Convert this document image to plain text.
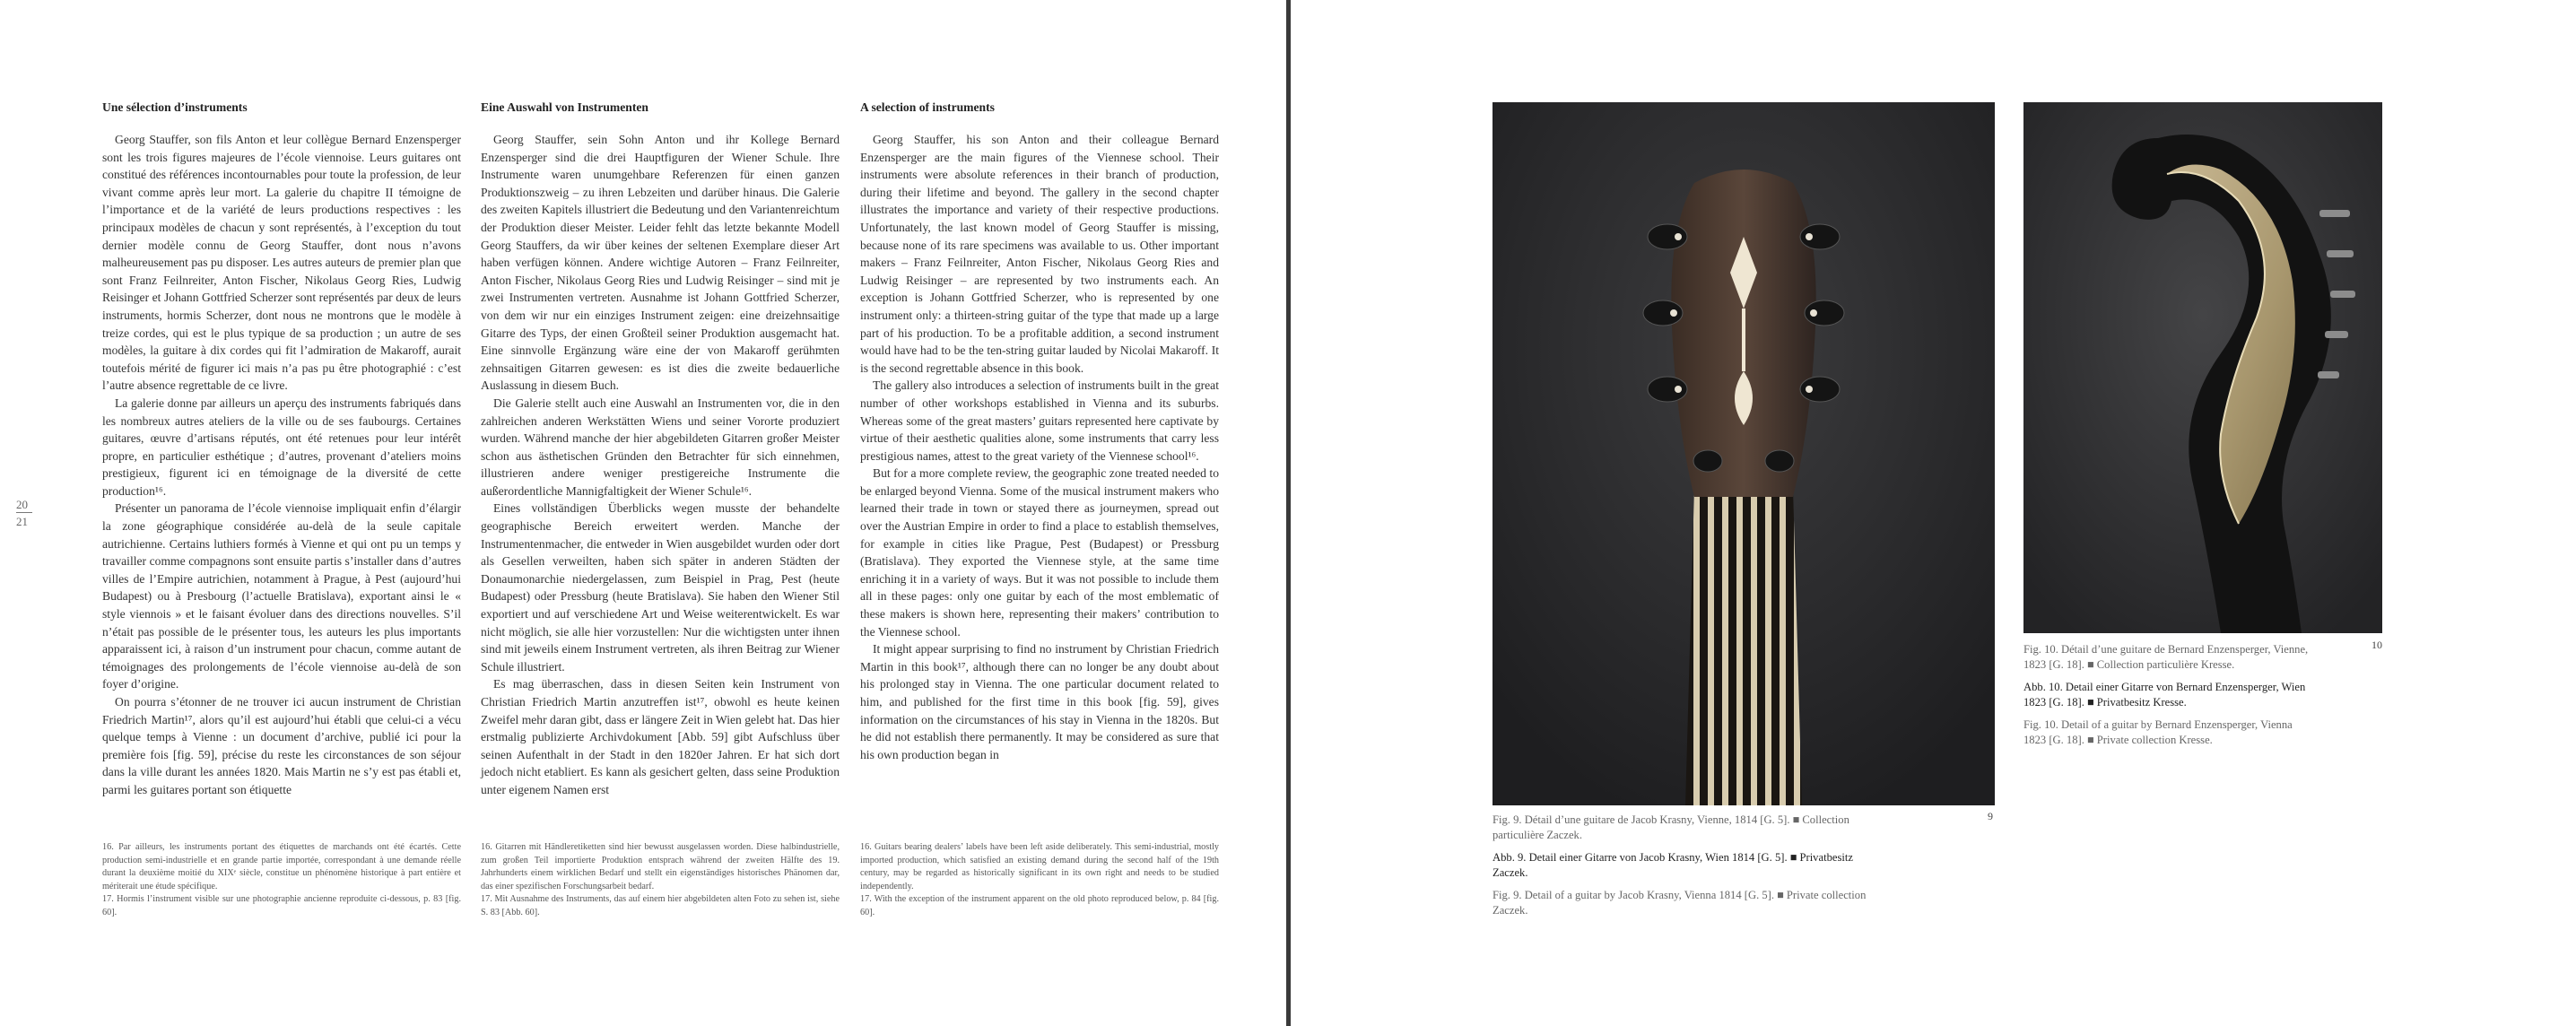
20
21
Une sélection d’instruments

Georg Stauffer, son fils Anton et leur collègue Bernard Enzensperger sont les trois figures majeures de l’école viennoise. Leurs guitares ont constitué des références incontournables pour toute la profession, de leur vivant comme après leur mort. La galerie du chapitre II témoigne de l’importance et de la variété de leurs productions respectives : les principaux modèles de chacun y sont représentés, à l’exception du tout dernier modèle connu de Georg Stauffer, dont nous n’avons malheureusement pas pu disposer. Les autres auteurs de premier plan que sont Franz Feilnreiter, Anton Fischer, Nikolaus Georg Ries, Ludwig Reisinger et Johann Gottfried Scherzer sont représentés par deux de leurs instruments, hormis Scherzer, dont nous ne montrons que le modèle à treize cordes, qui est le plus typique de sa production ; un autre de ses modèles, la guitare à dix cordes qui fit l’admiration de Makaroff, aurait toutefois mérité de figurer ici mais n’a pas pu être photographié : c’est l’autre absence regrettable de ce livre.

La galerie donne par ailleurs un aperçu des instruments fabriqués dans les nombreux autres ateliers de la ville ou de ses faubourgs. Certaines guitares, œuvre d’artisans réputés, ont été retenues pour leur intérêt propre, en particulier esthétique ; d’autres, provenant d’ateliers moins prestigieux, figurent ici en témoignage de la diversité de cette production¹⁶.

Présenter un panorama de l’école viennoise impliquait enfin d’élargir la zone géographique considérée au-delà de la seule capitale autrichienne. Certains luthiers formés à Vienne et qui ont pu un temps y travailler comme compagnons sont ensuite partis s’installer dans d’autres villes de l’Empire autrichien, notamment à Prague, à Pest (aujourd’hui Budapest) ou à Presbourg (l’actuelle Bratislava), exportant ainsi le « style viennois » et le faisant évoluer dans des directions nouvelles. S’il n’était pas possible de le présenter tous, les auteurs les plus importants apparaissent ici, à raison d’un instrument pour chacun, comme autant de témoignages des prolongements de l’école viennoise au-delà de son foyer d’origine.

On pourra s’étonner de ne trouver ici aucun instrument de Christian Friedrich Martin¹⁷, alors qu’il est aujourd’hui établi que celui-ci a vécu quelque temps à Vienne : un document d’archive, publié ici pour la première fois [fig. 59], précise du reste les circonstances de son séjour dans la ville durant les années 1820. Mais Martin ne s’y est pas établi et, parmi les guitares portant son étiquette

16. Par ailleurs, les instruments portant des étiquettes de marchands ont été écartés. Cette production semi-industrielle et en grande partie importée, correspondant à une demande réelle durant la deuxième moitié du XIXᵉ siècle, constitue un phénomène historique à part entière et mériterait une étude spécifique.

17. Hormis l’instrument visible sur une photographie ancienne reproduite ci-dessous, p. 83 [fig. 60].

Eine Auswahl von Instrumenten

Georg Stauffer, sein Sohn Anton und ihr Kollege Bernard Enzensperger sind die drei Hauptfiguren der Wiener Schule. Ihre Instrumente waren unumgehbare Referenzen für einen ganzen Produktionszweig – zu ihren Lebzeiten und darüber hinaus. Die Galerie des zweiten Kapitels illustriert die Bedeutung und den Variantenreichtum der Produktion dieser Meister. Leider fehlt das letzte bekannte Modell Georg Stauffers, da wir über keines der seltenen Exemplare dieser Art haben verfügen können. Andere wichtige Autoren – Franz Feilnreiter, Anton Fischer, Nikolaus Georg Ries und Ludwig Reisinger – sind mit je zwei Instrumenten vertreten. Ausnahme ist Johann Gottfried Scherzer, von dem wir nur ein einziges Instrument zeigen: eine dreizehnsaitige Gitarre des Typs, der einen Großteil seiner Produktion ausgemacht hat. Eine sinnvolle Ergänzung wäre eine der von Makaroff gerühmten zehnsaitigen Gitarren gewesen: es ist dies die zweite bedauerliche Auslassung in diesem Buch.

Die Galerie stellt auch eine Auswahl an Instrumenten vor, die in den zahlreichen anderen Werkstätten Wiens und seiner Vororte produziert wurden. Während manche der hier abgebildeten Gitarren großer Meister schon aus ästhetischen Gründen den Betrachter für sich einnehmen, illustrieren andere weniger prestigereiche Instrumente die außerordentliche Mannigfaltigkeit der Wiener Schule¹⁶.

Eines vollständigen Überblicks wegen musste der behandelte geographische Bereich erweitert werden. Manche der Instrumentenmacher, die entweder in Wien ausgebildet wurden oder dort als Gesellen verweilten, haben sich später in anderen Städten der Donaumonarchie niedergelassen, zum Beispiel in Prag, Pest (heute Budapest) oder Pressburg (heute Bratislava). Sie haben den Wiener Stil exportiert und auf verschiedene Art und Weise weiterentwickelt. Es war nicht möglich, sie alle hier vorzustellen: Nur die wichtigsten unter ihnen sind mit jeweils einem Instrument vertreten, als ihren Beitrag zur Wiener Schule illustriert.

Es mag überraschen, dass in diesen Seiten kein Instrument von Christian Friedrich Martin anzutreffen ist¹⁷, obwohl es heute keinen Zweifel mehr daran gibt, dass er längere Zeit in Wien gelebt hat. Das hier erstmalig publizierte Archivdokument [Abb. 59] gibt Aufschluss über seinen Aufenthalt in der Stadt in den 1820er Jahren. Er hat sich dort jedoch nicht etabliert. Es kann als gesichert gelten, dass seine Produktion unter eigenem Namen erst

16. Gitarren mit Händleretiketten sind hier bewusst ausgelassen worden. Diese halbindustrielle, zum großen Teil importierte Produktion entsprach während der zweiten Hälfte des 19. Jahrhunderts einem wirklichen Bedarf und stellt ein eigenständiges historisches Phänomen dar, das einer spezifischen Forschungsarbeit bedarf.

17. Mit Ausnahme des Instruments, das auf einem hier abgebildeten alten Foto zu sehen ist, siehe S. 83 [Abb. 60].

A selection of instruments

Georg Stauffer, his son Anton and their colleague Bernard Enzensperger are the main figures of the Viennese school. Their instruments were absolute references in their branch of production, during their lifetime and beyond. The gallery in the second chapter illustrates the importance and variety of their respective productions. Unfortunately, the last known model of Georg Stauffer is missing, because none of its rare specimens was available to us. Other important makers – Franz Feilnreiter, Anton Fischer, Nikolaus Georg Ries and Ludwig Reisinger – are represented by two instruments each. An exception is Johann Gottfried Scherzer, who is represented by one instrument only: a thirteen-string guitar of the type that made up a large part of his production. To be a profitable addition, a second instrument would have had to be the ten-string guitar lauded by Nicolai Makaroff. It is the second regrettable absence in this book.

The gallery also introduces a selection of instruments built in the great number of other workshops established in Vienna and its suburbs. Whereas some of the great masters’ guitars represented here captivate by virtue of their aesthetic qualities alone, some instruments that carry less prestigious names, attest to the great variety of the Viennese school¹⁶.

But for a more complete review, the geographic zone treated needed to be enlarged beyond Vienna. Some of the musical instrument makers who learned their trade in town or stayed there as journeymen, spread out over the Austrian Empire in order to find a place to establish themselves, for example in cities like Prague, Pest (Budapest) or Pressburg (Bratislava). They exported the Viennese style, at the same time enriching it in a variety of ways. But it was not possible to include them all in these pages: only one guitar by each of the most emblematic of these makers is shown here, representing their makers’ contribution to the Viennese school.

It might appear surprising to find no instrument by Christian Friedrich Martin in this book¹⁷, although there can no longer be any doubt about his prolonged stay in Vienna. The one particular document related to him, and published for the first time in this book [fig. 59], gives information on the circumstances of his stay in Vienna in the 1820s. But he did not establish there permanently. It may be considered as sure that his own production began in

16. Guitars bearing dealers’ labels have been left aside deliberately. This semi-industrial, mostly imported production, which satisfied an existing demand during the second half of the 19th century, may be regarded as historically significant in its own right and needs to be studied independently.

17. With the exception of the instrument apparent on the old photo reproduced below, p. 84 [fig. 60].

9

Fig. 9. Détail d’une guitare de Jacob Krasny, Vienne, 1814 [G. 5]. ■ Collection particulière Zaczek.

Abb. 9. Detail einer Gitarre von Jacob Krasny, Wien 1814 [G. 5]. ■ Privatbesitz Zaczek.

Fig. 9. Detail of a guitar by Jacob Krasny, Vienna 1814 [G. 5]. ■ Private collection Zaczek.

10

Fig. 10. Détail d’une guitare de Bernard Enzensperger, Vienne, 1823 [G. 18]. ■ Collection particulière Kresse.

Abb. 10. Detail einer Gitarre von Bernard Enzensperger, Wien 1823 [G. 18]. ■ Privatbesitz Kresse.

Fig. 10. Detail of a guitar by Bernard Enzensperger, Vienna 1823 [G. 18]. ■ Private collection Kresse.
